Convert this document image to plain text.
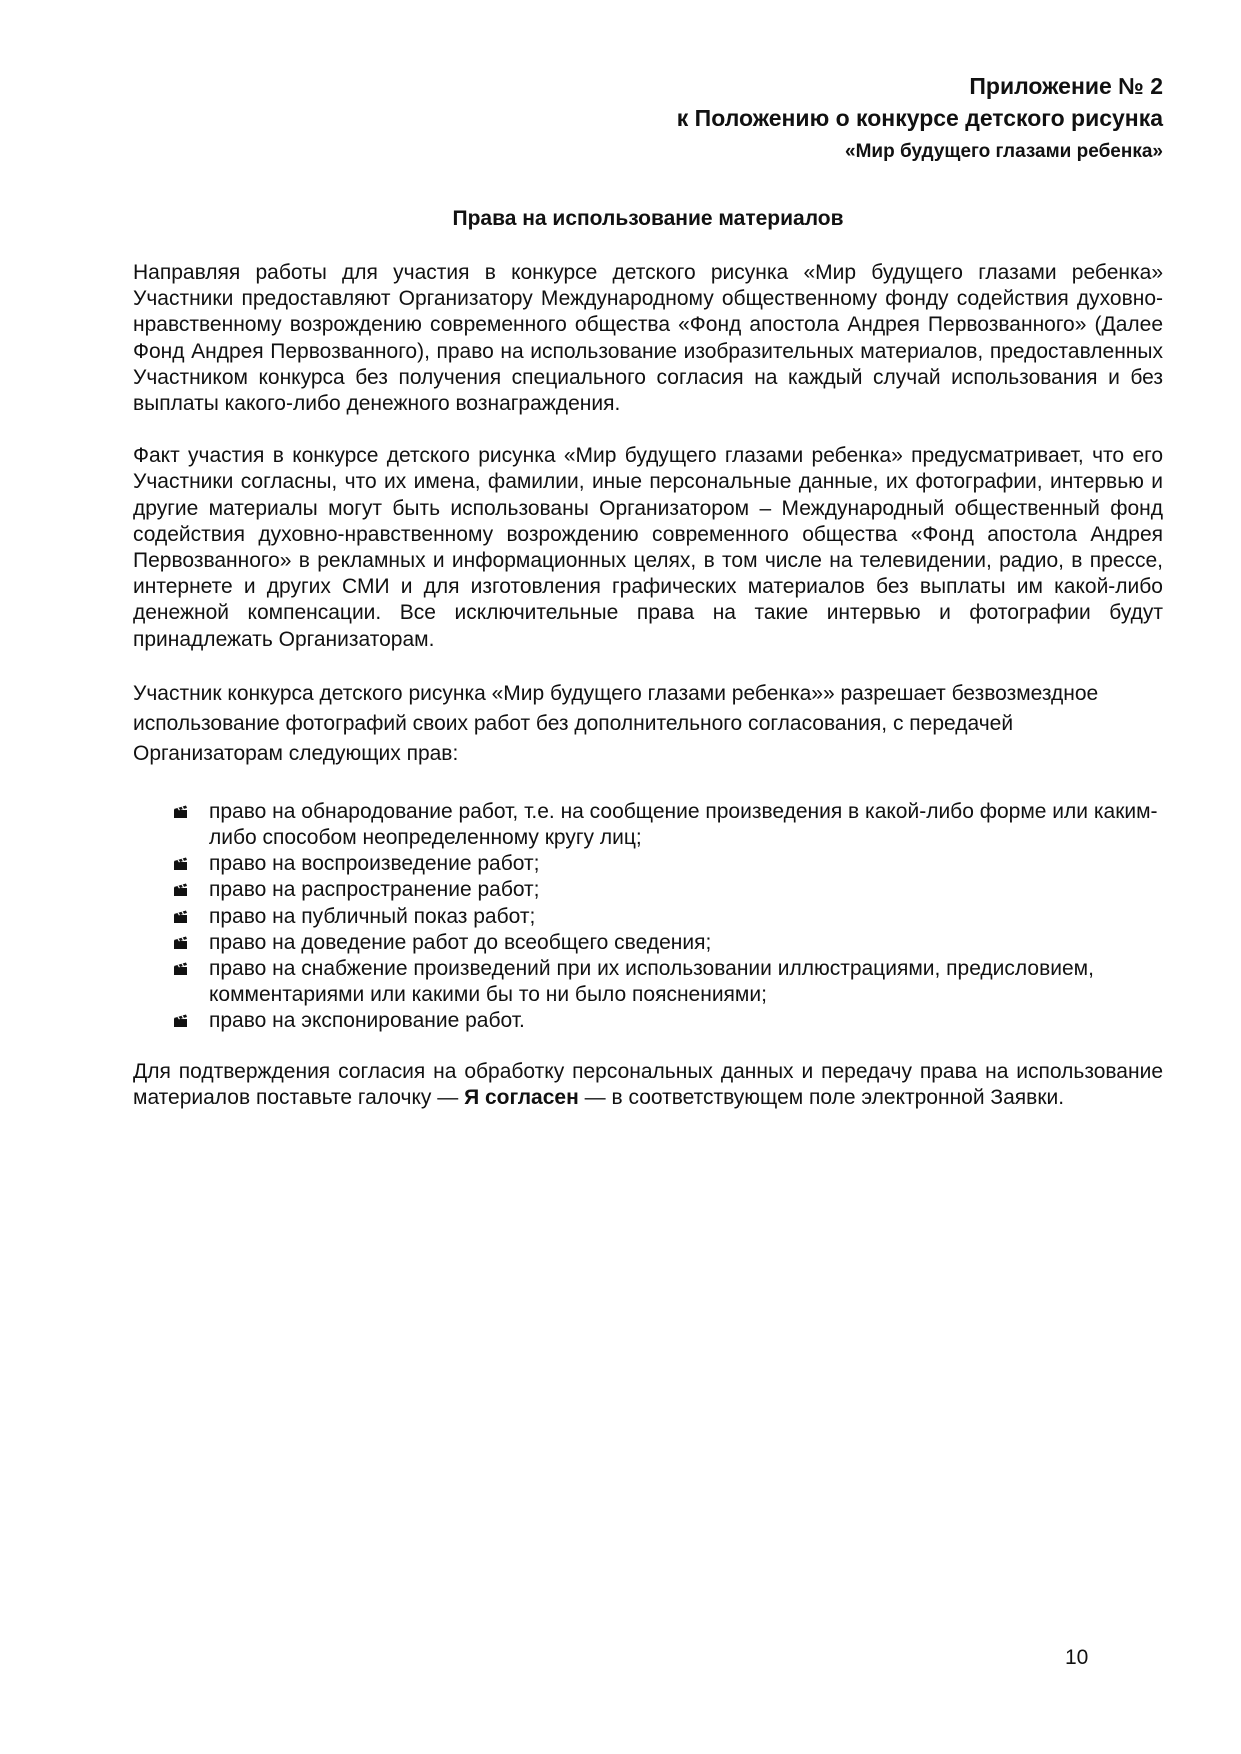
Приложение № 2
к Положению о конкурсе детского рисунка
«Мир будущего глазами ребенка»
Права на использование материалов

Направляя работы для участия в конкурсе детского рисунка «Мир будущего глазами ребенка» Участники предоставляют Организатору Международному общественному фонду содействия духовно-нравственному возрождению современного общества «Фонд апостола Андрея Первозванного» (Далее Фонд Андрея Первозванного), право на использование изобразительных материалов, предоставленных Участником конкурса без получения специального согласия на каждый случай использования и без выплаты какого-либо денежного вознаграждения.

Факт участия в конкурсе детского рисунка «Мир будущего глазами ребенка» предусматривает, что его Участники согласны, что их имена, фамилии, иные персональные данные, их фотографии, интервью и другие материалы могут быть использованы Организатором – Международный общественный фонд содействия духовно-нравственному возрождению современного общества «Фонд апостола Андрея Первозванного» в рекламных и информационных целях, в том числе на телевидении, радио, в прессе, интернете и других СМИ и для изготовления графических материалов без выплаты им какой-либо денежной компенсации. Все исключительные права на такие интервью и фотографии будут принадлежать Организаторам.

Участник конкурса детского рисунка «Мир будущего глазами ребенка»» разрешает безвозмездное использование фотографий своих работ без дополнительного согласования, с передачей Организаторам следующих прав:

право на обнародование работ, т.е. на сообщение произведения в какой-либо форме или каким-либо способом неопределенному кругу лиц;
право на воспроизведение работ;
право на распространение работ;
право на публичный показ работ;
право на доведение работ до всеобщего сведения;
право на снабжение произведений при их использовании иллюстрациями, предисловием, комментариями или какими бы то ни было пояснениями;
право на экспонирование работ.

Для подтверждения согласия на обработку персональных данных и передачу права на использование материалов поставьте галочку — Я согласен — в соответствующем поле электронной Заявки.

10
